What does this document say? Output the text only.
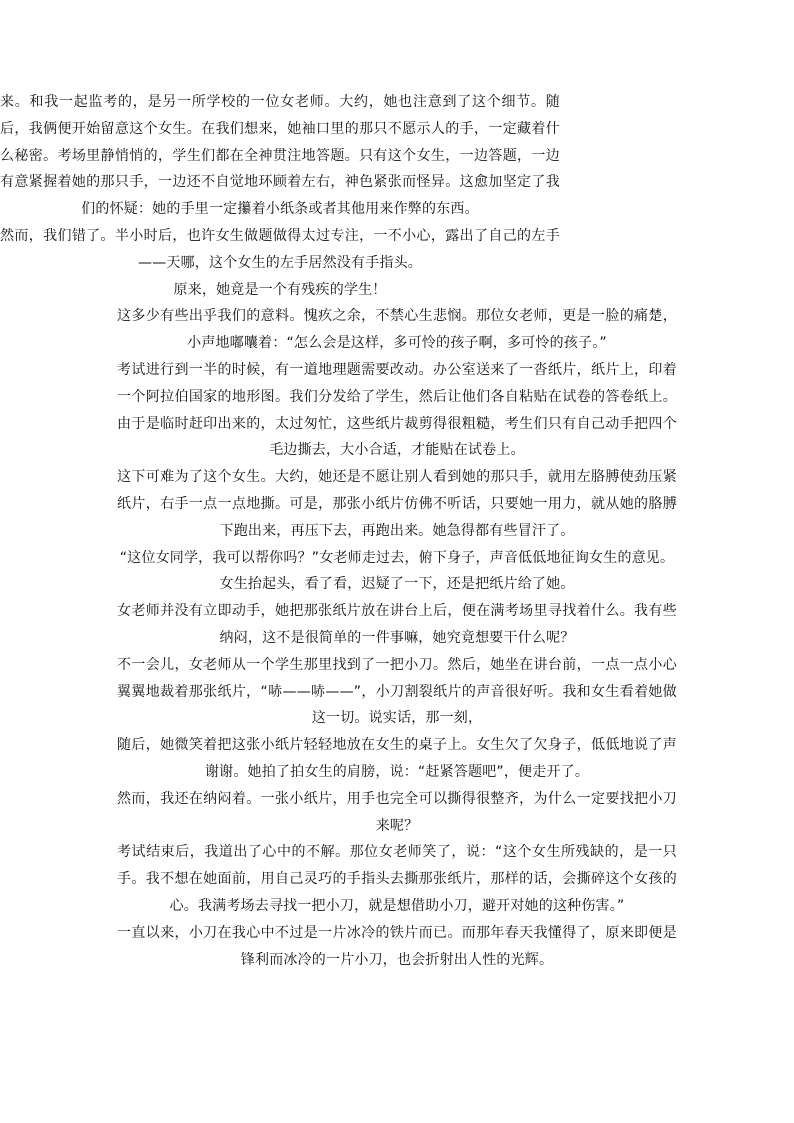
来。和我一起监考的，是另一所学校的一位女老师。大约，她也注意到了这个细节。随后，我俩便开始留意这个女生。在我们想来，她袖口里的那只不愿示人的手，一定藏着什么秘密。考场里静悄悄的，学生们都在全神贯注地答题。只有这个女生，一边答题，一边有意紧握着她的那只手，一边还不自觉地环顾着左右，神色紧张而怪异。这愈加坚定了我们的怀疑：她的手里一定攥着小纸条或者其他用来作弊的东西。

然而，我们错了。半小时后，也许女生做题做得太过专注，一不小心，露出了自己的左手——天哪，这个女生的左手居然没有手指头。

原来，她竟是一个有残疾的学生！

这多少有些出乎我们的意料。愧疚之余，不禁心生悲悯。那位女老师，更是一脸的痛楚，小声地嘟囔着：“怎么会是这样，多可怜的孩子啊，多可怜的孩子。”

考试进行到一半的时候，有一道地理题需要改动。办公室送来了一沓纸片，纸片上，印着一个阿拉伯国家的地形图。我们分发给了学生，然后让他们各自粘贴在试卷的答卷纸上。由于是临时赶印出来的，太过匆忙，这些纸片裁剪得很粗糙，考生们只有自己动手把四个毛边撕去，大小合适，才能贴在试卷上。

这下可难为了这个女生。大约，她还是不愿让别人看到她的那只手，就用左胳膊使劲压紧纸片，右手一点一点地撕。可是，那张小纸片仿佛不听话，只要她一用力，就从她的胳膊下跑出来，再压下去，再跑出来。她急得都有些冒汗了。

“这位女同学，我可以帮你吗？”女老师走过去，俯下身子，声音低低地征询女生的意见。

女生抬起头，看了看，迟疑了一下，还是把纸片给了她。

女老师并没有立即动手，她把那张纸片放在讲台上后，便在满考场里寻找着什么。我有些纳闷，这不是很简单的一件事嘛，她究竟想要干什么呢？

不一会儿，女老师从一个学生那里找到了一把小刀。然后，她坐在讲台前，一点一点小心翼翼地裁着那张纸片，“哧——哧——”，小刀割裂纸片的声音很好听。我和女生看着她做这一切。说实话，那一刻，

随后，她微笑着把这张小纸片轻轻地放在女生的桌子上。女生欠了欠身子，低低地说了声谢谢。她拍了拍女生的肩膀，说：“赶紧答题吧”，便走开了。

然而，我还在纳闷着。一张小纸片，用手也完全可以撕得很整齐，为什么一定要找把小刀来呢？

考试结束后，我道出了心中的不解。那位女老师笑了，说：“这个女生所残缺的，是一只手。我不想在她面前，用自己灵巧的手指头去撕那张纸片，那样的话，会撕碎这个女孩的心。我满考场去寻找一把小刀，就是想借助小刀，避开对她的这种伤害。”

一直以来，小刀在我心中不过是一片冰冷的铁片而已。而那年春天我懂得了，原来即便是锋利而冰冷的一片小刀，也会折射出人性的光辉。
